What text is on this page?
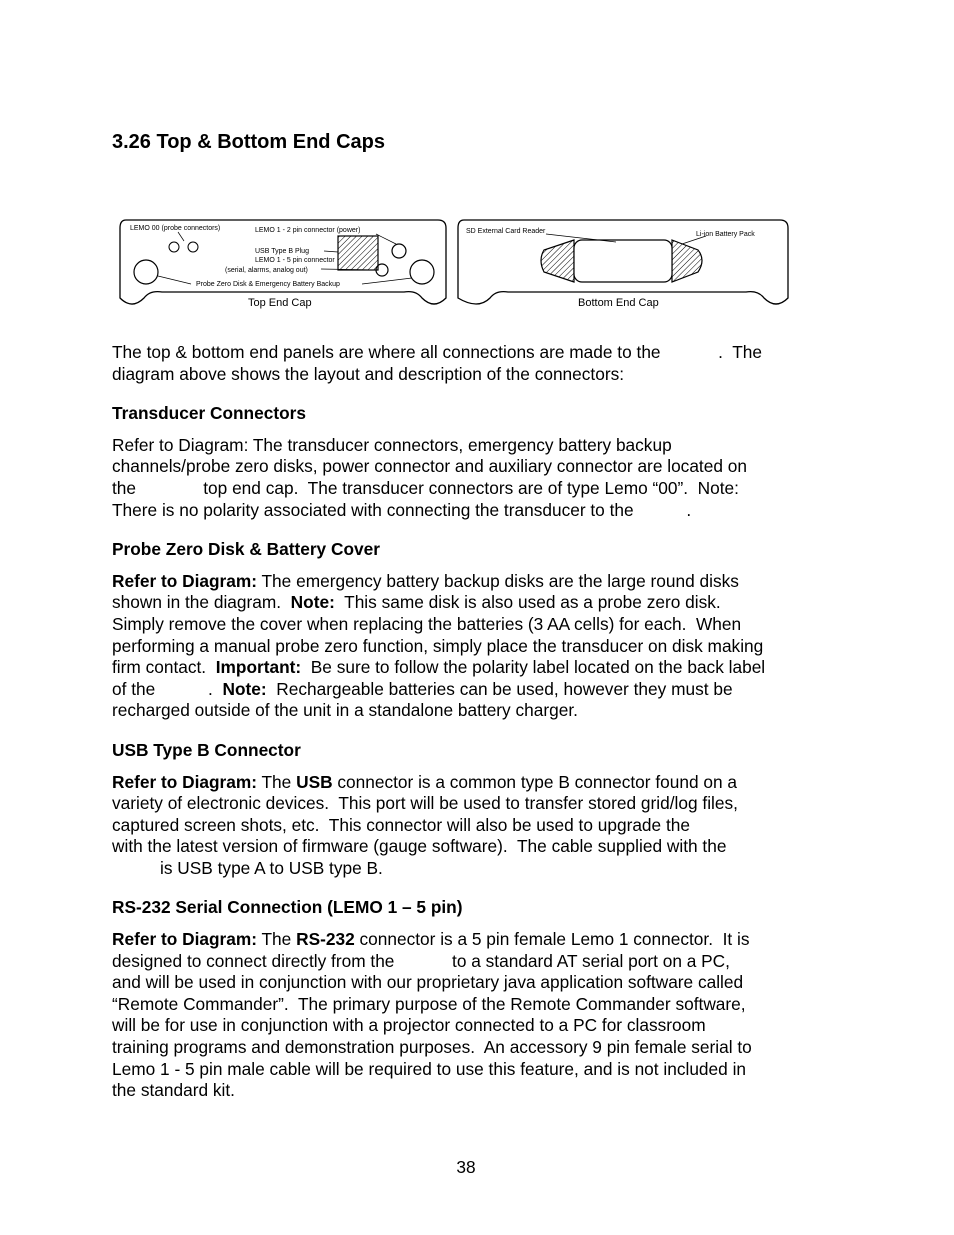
3.26 Top & Bottom End Caps
LEMO 00 (probe connectors)	LEMO 1 - 2 pin connector (power)
USB Type B Plug
LEMO 1 - 5 pin connector
(serial, alarms, analog out)
Probe Zero Disk & Emergency Battery Backup
Top End Cap
SD External Card Reader	Li-ion Battery Pack
Bottom End Cap

The top & bottom end panels are where all connections are made to the            .  The
diagram above shows the layout and description of the connectors:

Transducer Connectors

Refer to Diagram: The transducer connectors, emergency battery backup
channels/probe zero disks, power connector and auxiliary connector are located on
the              top end cap.  The transducer connectors are of type Lemo “00”.  Note:
There is no polarity associated with connecting the transducer to the           .

Probe Zero Disk & Battery Cover

Refer to Diagram: The emergency battery backup disks are the large round disks
shown in the diagram.  Note:  This same disk is also used as a probe zero disk.
Simply remove the cover when replacing the batteries (3 AA cells) for each.  When
performing a manual probe zero function, simply place the transducer on disk making
firm contact.  Important:  Be sure to follow the polarity label located on the back label
of the           .  Note:  Rechargeable batteries can be used, however they must be
recharged outside of the unit in a standalone battery charger.

USB Type B Connector

Refer to Diagram: The USB connector is a common type B connector found on a
variety of electronic devices.  This port will be used to transfer stored grid/log files,
captured screen shots, etc.  This connector will also be used to upgrade the
with the latest version of firmware (gauge software).  The cable supplied with the
is USB type A to USB type B.

RS-232 Serial Connection (LEMO 1 – 5 pin)

Refer to Diagram: The RS-232 connector is a 5 pin female Lemo 1 connector.  It is
designed to connect directly from the            to a standard AT serial port on a PC,
and will be used in conjunction with our proprietary java application software called
“Remote Commander”.  The primary purpose of the Remote Commander software,
will be for use in conjunction with a projector connected to a PC for classroom
training programs and demonstration purposes.  An accessory 9 pin female serial to
Lemo 1 - 5 pin male cable will be required to use this feature, and is not included in
the standard kit.

38
